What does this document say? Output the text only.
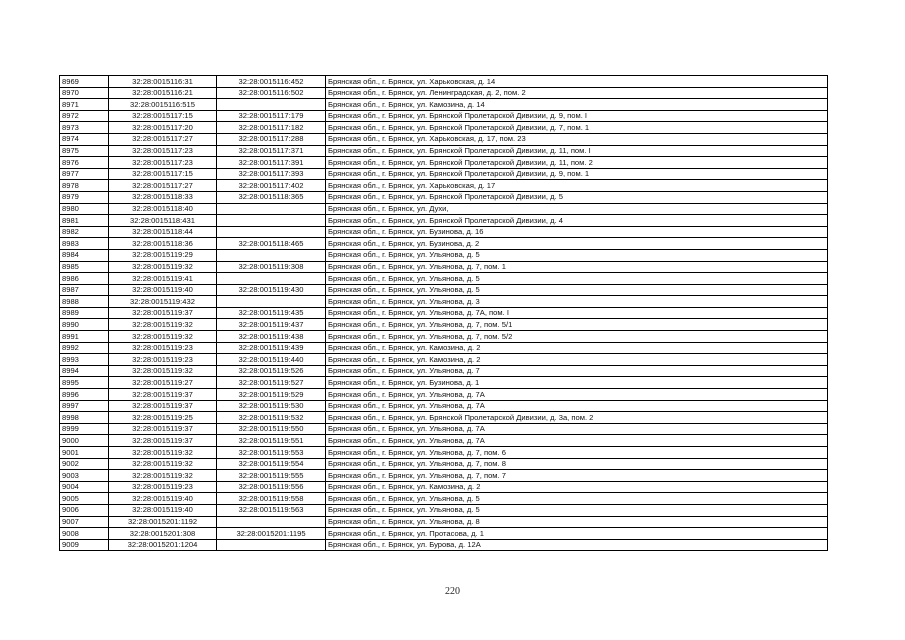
8969	32:28:0015116:31	32:28:0015116:452	Брянская обл., г. Брянск, ул. Харьковская, д. 14
8970	32:28:0015116:21	32:28:0015116:502	Брянская обл., г. Брянск, ул. Ленинградская, д. 2, пом. 2
8971	32:28:0015116:515		Брянская обл., г. Брянск, ул. Камозина, д. 14
8972	32:28:0015117:15	32:28:0015117:179	Брянская обл., г. Брянск, ул. Брянской Пролетарской Дивизии, д. 9, пом. I
8973	32:28:0015117:20	32:28:0015117:182	Брянская обл., г. Брянск, ул. Брянской Пролетарской Дивизии, д. 7, пом. 1
8974	32:28:0015117:27	32:28:0015117:288	Брянская обл., г. Брянск, ул. Харьковская, д. 17, пом. 23
8975	32:28:0015117:23	32:28:0015117:371	Брянская обл., г. Брянск, ул. Брянской Пролетарской Дивизии, д. 11, пом. I
8976	32:28:0015117:23	32:28:0015117:391	Брянская обл., г. Брянск, ул. Брянской Пролетарской Дивизии, д. 11, пом. 2
8977	32:28:0015117:15	32:28:0015117:393	Брянская обл., г. Брянск, ул. Брянской Пролетарской Дивизии, д. 9, пом. 1
8978	32:28:0015117:27	32:28:0015117:402	Брянская обл., г. Брянск, ул. Харьковская, д. 17
8979	32:28:0015118:33	32:28:0015118:365	Брянская обл., г. Брянск, ул. Брянской Пролетарской Дивизии, д. 5
8980	32:28:0015118:40		Брянская обл., г. Брянск, ул. Духи,
8981	32:28:0015118:431		Брянская обл., г. Брянск, ул. Брянской Пролетарской Дивизии, д. 4
8982	32:28:0015118:44		Брянская обл., г. Брянск, ул. Бузинова, д. 16
8983	32:28:0015118:36	32:28:0015118:465	Брянская обл., г. Брянск, ул. Бузинова, д. 2
8984	32:28:0015119:29		Брянская обл., г. Брянск, ул. Ульянова, д. 5
8985	32:28:0015119:32	32:28:0015119:308	Брянская обл., г. Брянск, ул. Ульянова, д. 7, пом. 1
8986	32:28:0015119:41		Брянская обл., г. Брянск, ул. Ульянова, д. 5
8987	32:28:0015119:40	32:28:0015119:430	Брянская обл., г. Брянск, ул. Ульянова, д. 5
8988	32:28:0015119:432		Брянская обл., г. Брянск, ул. Ульянова, д. 3
8989	32:28:0015119:37	32:28:0015119:435	Брянская обл., г. Брянск, ул. Ульянова, д. 7А, пом. I
8990	32:28:0015119:32	32:28:0015119:437	Брянская обл., г. Брянск, ул. Ульянова, д. 7, пом. 5/1
8991	32:28:0015119:32	32:28:0015119:438	Брянская обл., г. Брянск, ул. Ульянова, д. 7, пом. 5/2
8992	32:28:0015119:23	32:28:0015119:439	Брянская обл., г. Брянск, ул. Камозина, д. 2
8993	32:28:0015119:23	32:28:0015119:440	Брянская обл., г. Брянск, ул. Камозина, д. 2
8994	32:28:0015119:32	32:28:0015119:526	Брянская обл., г. Брянск, ул. Ульянова, д. 7
8995	32:28:0015119:27	32:28:0015119:527	Брянская обл., г. Брянск, ул. Бузинова, д. 1
8996	32:28:0015119:37	32:28:0015119:529	Брянская обл., г. Брянск, ул. Ульянова, д. 7А
8997	32:28:0015119:37	32:28:0015119:530	Брянская обл., г. Брянск, ул. Ульянова, д. 7А
8998	32:28:0015119:25	32:28:0015119:532	Брянская обл., г. Брянск, ул. Брянской Пролетарской Дивизии, д. 3а, пом. 2
8999	32:28:0015119:37	32:28:0015119:550	Брянская обл., г. Брянск, ул. Ульянова, д. 7А
9000	32:28:0015119:37	32:28:0015119:551	Брянская обл., г. Брянск, ул. Ульянова, д. 7А
9001	32:28:0015119:32	32:28:0015119:553	Брянская обл., г. Брянск, ул. Ульянова, д. 7, пом. 6
9002	32:28:0015119:32	32:28:0015119:554	Брянская обл., г. Брянск, ул. Ульянова, д. 7, пом. 8
9003	32:28:0015119:32	32:28:0015119:555	Брянская обл., г. Брянск, ул. Ульянова, д. 7, пом. 7
9004	32:28:0015119:23	32:28:0015119:556	Брянская обл., г. Брянск, ул. Камозина, д. 2
9005	32:28:0015119:40	32:28:0015119:558	Брянская обл., г. Брянск, ул. Ульянова, д. 5
9006	32:28:0015119:40	32:28:0015119:563	Брянская обл., г. Брянск, ул. Ульянова, д. 5
9007	32:28:0015201:1192		Брянская обл., г. Брянск, ул. Ульянова, д. 8
9008	32:28:0015201:308	32:28:0015201:1195	Брянская обл., г. Брянск, ул. Протасова, д. 1
9009	32:28:0015201:1204		Брянская обл., г. Брянск, ул. Бурова, д. 12А
220
